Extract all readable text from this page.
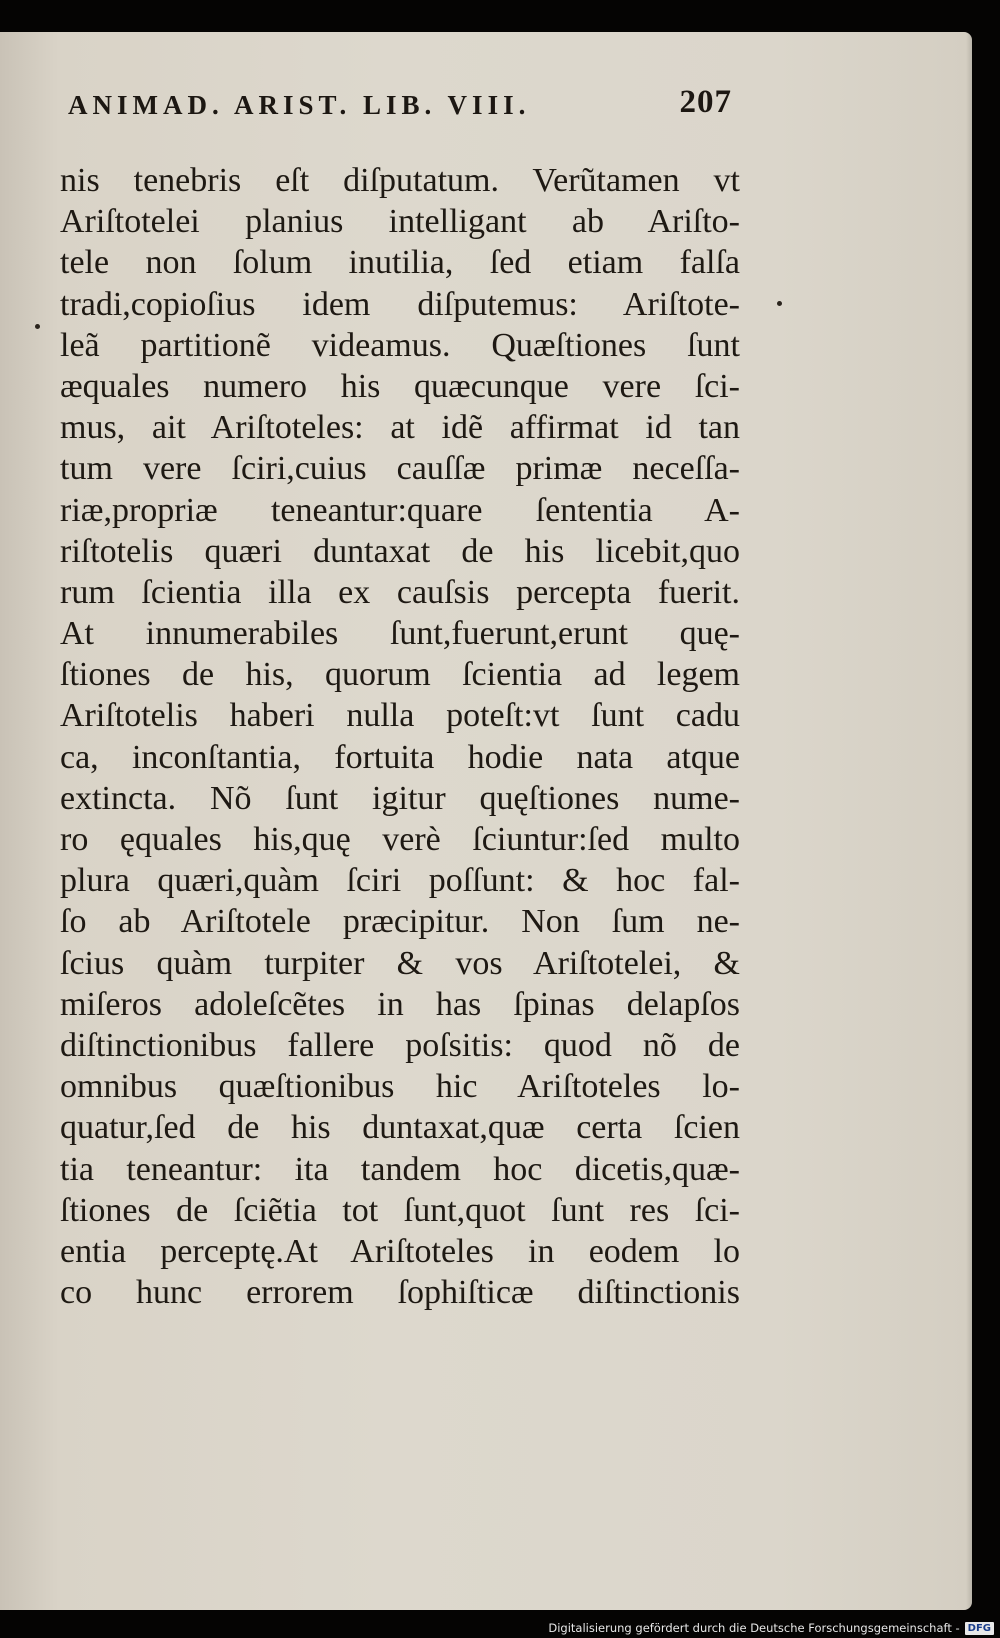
ANIMAD. ARIST. LIB. VIII.	207
nis tenebris eſt diſputatum. Verũtamen vt
Ariſtotelei planius intelligant ab Ariſto-
tele non ſolum inutilia, ſed etiam falſa
tradi,copioſius idem diſputemus: Ariſtote-
leã partitionẽ videamus. Quæſtiones ſunt
æquales numero his quæcunque vere ſci-
mus, ait Ariſtoteles: at idẽ affirmat id tan
tum vere ſciri,cuius cauſſæ primæ neceſſa-
riæ,propriæ teneantur:quare ſententia A-
riſtotelis quæri duntaxat de his licebit,quo
rum ſcientia illa ex cauſsis percepta fuerit.
At innumerabiles ſunt,fuerunt,erunt quę-
ſtiones de his, quorum ſcientia ad legem
Ariſtotelis haberi nulla poteſt:vt ſunt cadu
ca, inconſtantia, fortuita hodie nata atque
extincta. Nõ ſunt igitur quęſtiones nume-
ro ęquales his,quę verè ſciuntur:ſed multo
plura quæri,quàm ſciri poſſunt: & hoc fal-
ſo ab Ariſtotele præcipitur. Non ſum ne-
ſcius quàm turpiter & vos Ariſtotelei, &
miſeros adoleſcẽtes in has ſpinas delapſos
diſtinctionibus fallere poſsitis: quod nõ de
omnibus quæſtionibus hic Ariſtoteles lo-
quatur,ſed de his duntaxat,quæ certa ſcien
tia teneantur: ita tandem hoc dicetis,quæ-
ſtiones de ſciẽtia tot ſunt,quot ſunt res ſci-
entia perceptę.At Ariſtoteles in eodem lo
co hunc errorem ſophiſticæ diſtinctionis
Digitalisierung gefördert durch die Deutsche Forschungsgemeinschaft - DFG
